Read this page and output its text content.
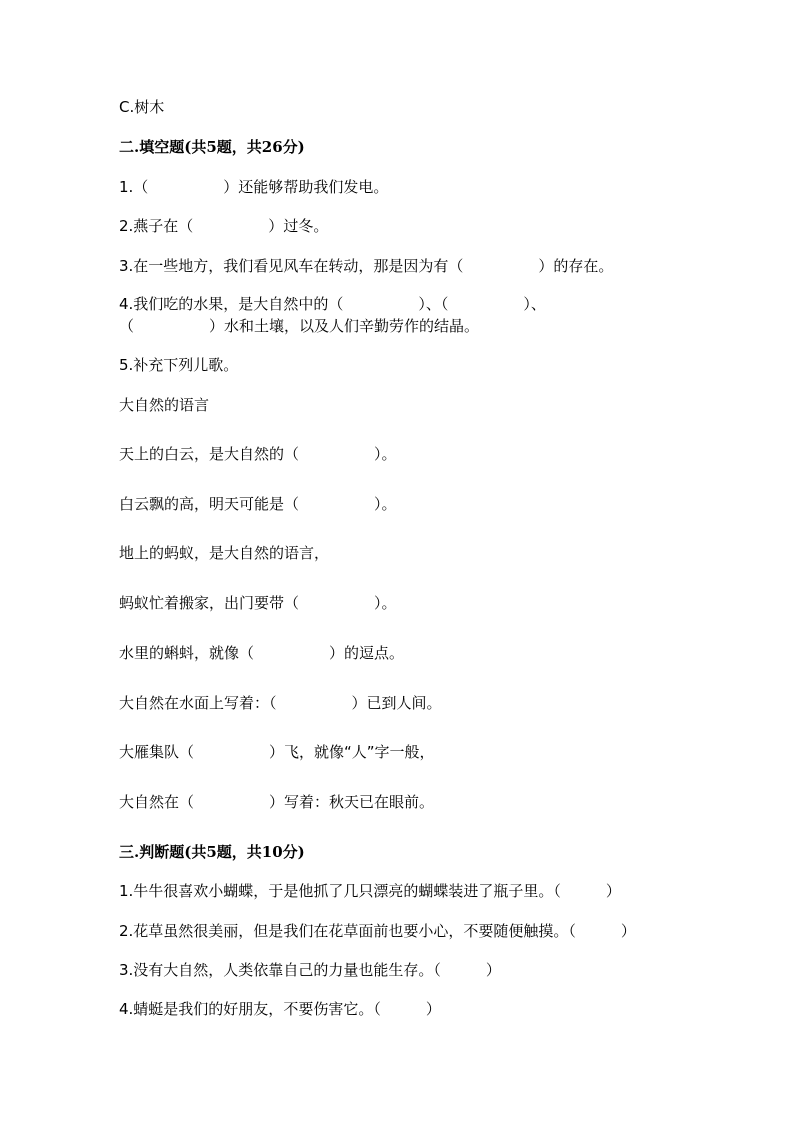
C.树木

二.填空题(共5题，共26分)

1.（　　　　　）还能够帮助我们发电。

2.燕子在（　　　　　）过冬。

3.在一些地方，我们看见风车在转动，那是因为有（　　　　　）的存在。

4.我们吃的水果，是大自然中的（　　　　　）、（　　　　　）、

（　　　　　）水和土壤，以及人们辛勤劳作的结晶。

5.补充下列儿歌。

大自然的语言

天上的白云，是大自然的（　　　　　）。

白云飘的高，明天可能是（　　　　　）。

地上的蚂蚁，是大自然的语言，

蚂蚁忙着搬家，出门要带（　　　　　）。

水里的蝌蚪，就像（　　　　　）的逗点。

大自然在水面上写着：（　　　　　）已到人间。

大雁集队（　　　　　）飞，就像“人”字一般，

大自然在（　　　　　）写着：秋天已在眼前。

三.判断题(共5题，共10分)

1.牛牛很喜欢小蝴蝶，于是他抓了几只漂亮的蝴蝶装进了瓶子里。（　　　）

2.花草虽然很美丽，但是我们在花草面前也要小心，不要随便触摸。（　　　）

3.没有大自然，人类依靠自己的力量也能生存。（　　　）

4.蜻蜓是我们的好朋友，不要伤害它。（　　　）
